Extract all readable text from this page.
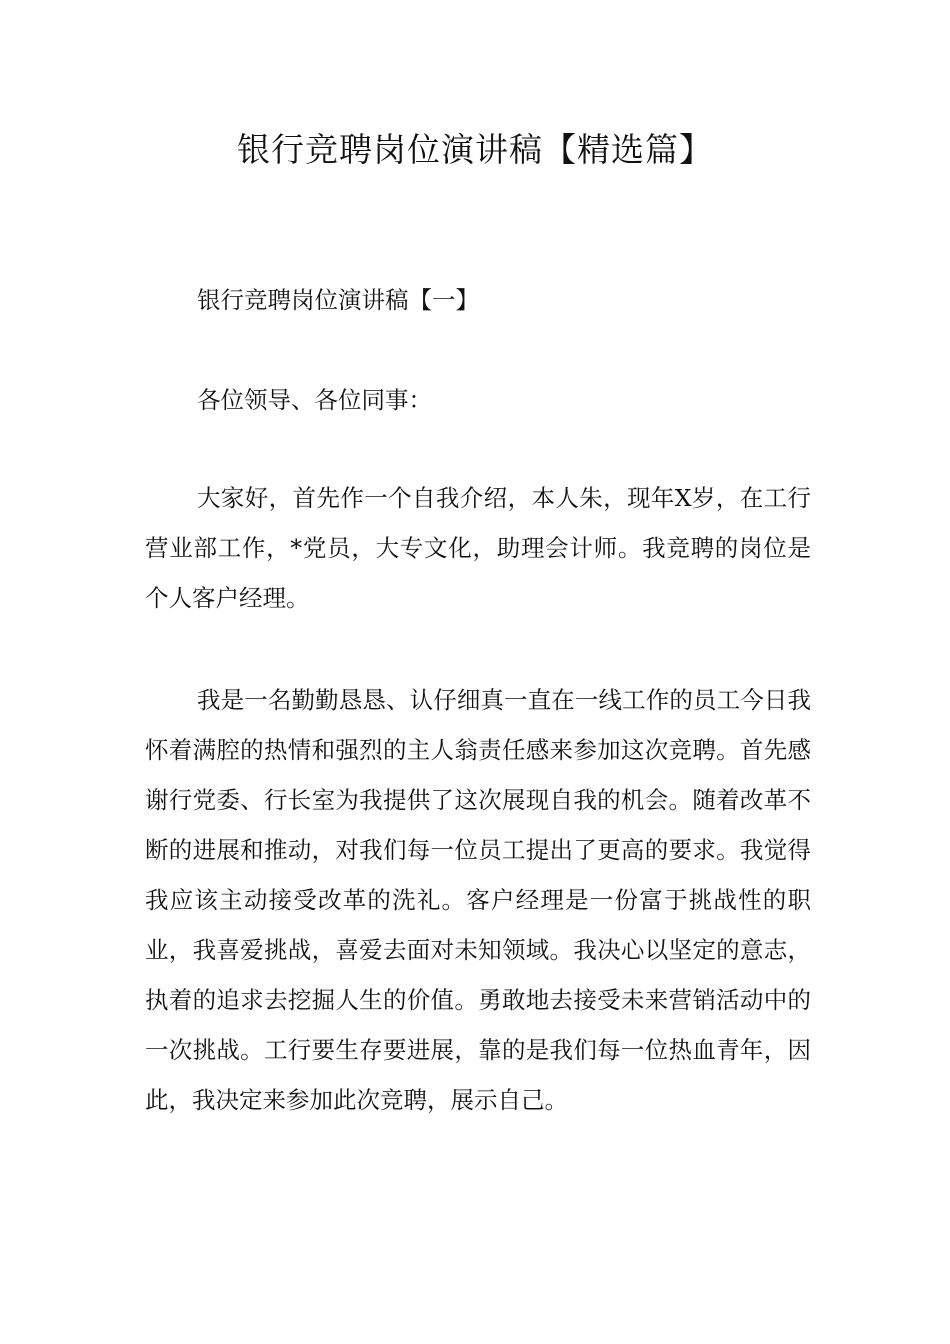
银行竞聘岗位演讲稿【精选篇】

银行竞聘岗位演讲稿【一】

各位领导、各位同事：

大家好，首先作一个自我介绍，本人朱，现年X岁，在工行营业部工作，*党员，大专文化，助理会计师。我竞聘的岗位是个人客户经理。

我是一名勤勤恳恳、认仔细真一直在一线工作的员工今日我怀着满腔的热情和强烈的主人翁责任感来参加这次竞聘。首先感谢行党委、行长室为我提供了这次展现自我的机会。随着改革不断的进展和推动，对我们每一位员工提出了更高的要求。我觉得我应该主动接受改革的洗礼。客户经理是一份富于挑战性的职业，我喜爱挑战，喜爱去面对未知领域。我决心以坚定的意志，执着的追求去挖掘人生的价值。勇敢地去接受未来营销活动中的一次挑战。工行要生存要进展，靠的是我们每一位热血青年，因此，我决定来参加此次竞聘，展示自己。
